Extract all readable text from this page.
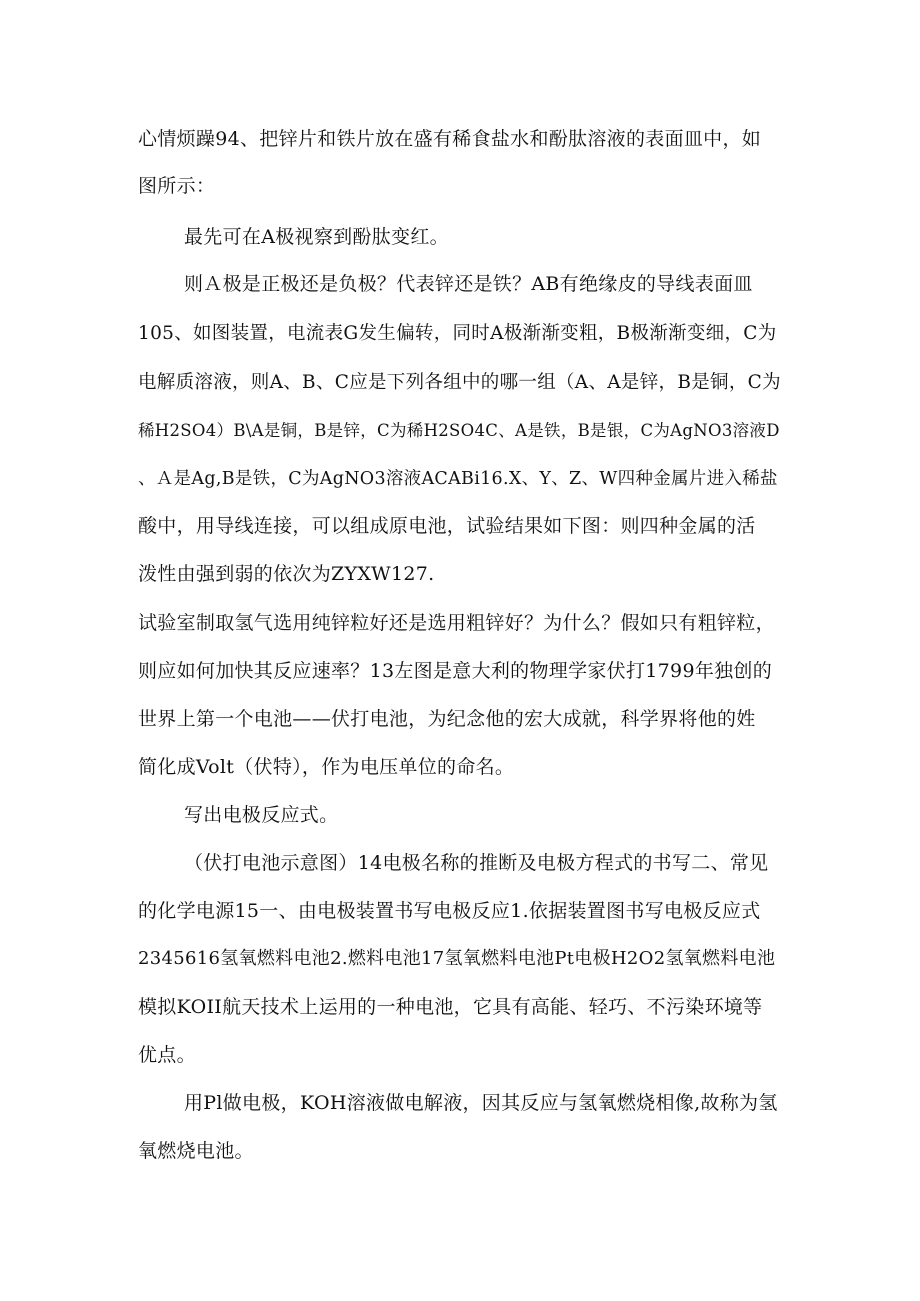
心情烦躁94、把锌片和铁片放在盛有稀食盐水和酚肽溶液的表面皿中，如
图所示：
最先可在A极视察到酚肽变红。
则Ａ极是正极还是负极？代表锌还是铁？AB有绝缘皮的导线表面皿
105、如图装置，电流表G发生偏转，同时A极渐渐变粗，B极渐渐变细，C为
电解质溶液，则A、B、C应是下列各组中的哪一组（A、A是锌，B是铜，C为
稀H2SO4）B\A是铜，B是锌，C为稀H2SO4C、A是铁，B是银，C为AgNO3溶液D
、Ａ是Ag,B是铁，C为AgNO3溶液ACABi16.X、Y、Z、W四种金属片进入稀盐
酸中，用导线连接，可以组成原电池，试验结果如下图：则四种金属的活
泼性由强到弱的依次为ZYXW127.
试验室制取氢气选用纯锌粒好还是选用粗锌好？为什么？假如只有粗锌粒，
则应如何加快其反应速率？13左图是意大利的物理学家伏打1799年独创的
世界上第一个电池——伏打电池，为纪念他的宏大成就，科学界将他的姓
简化成Volt（伏特），作为电压单位的命名。
写出电极反应式。
（伏打电池示意图）14电极名称的推断及电极方程式的书写二、常见
的化学电源15一、由电极装置书写电极反应1.依据装置图书写电极反应式
2345616氢氧燃料电池2.燃料电池17氢氧燃料电池Pt电极H2O2氢氧燃料电池
模拟KOII航天技术上运用的一种电池，它具有高能、轻巧、不污染环境等
优点。
用Pl做电极，KOH溶液做电解液，因其反应与氢氧燃烧相像,故称为氢
氧燃烧电池。
